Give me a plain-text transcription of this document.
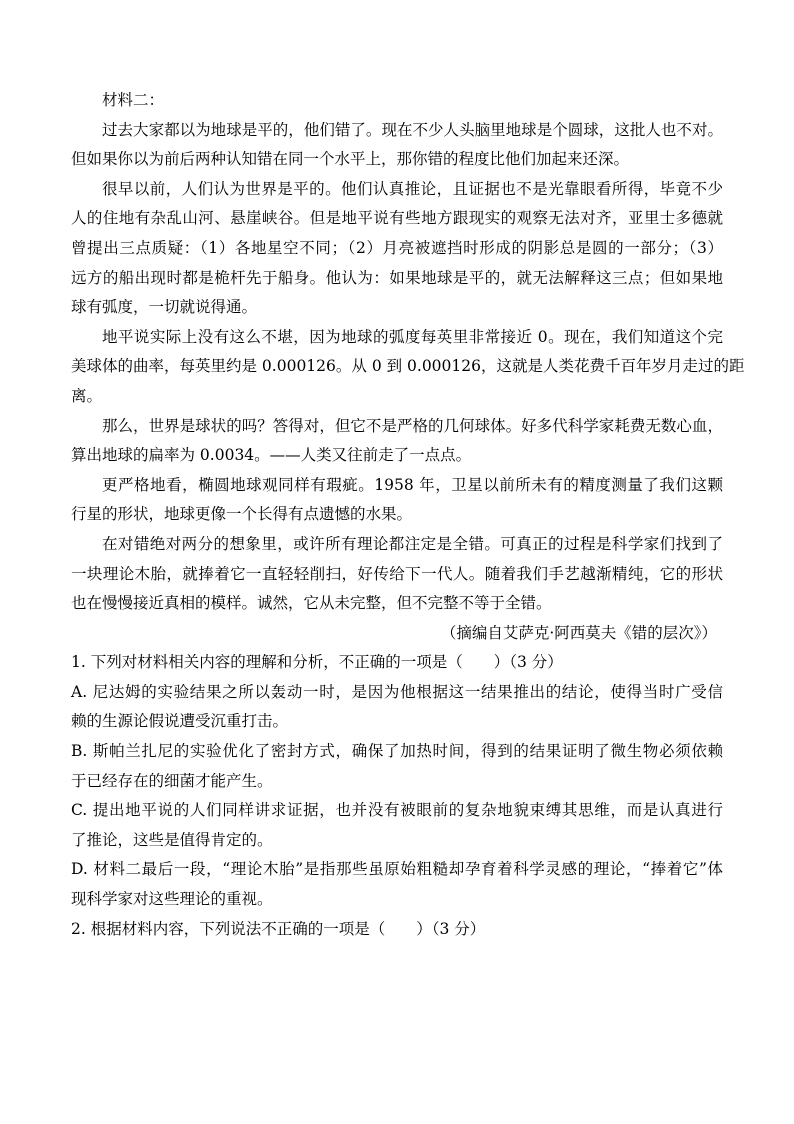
材料二：
过去大家都以为地球是平的，他们错了。现在不少人头脑里地球是个圆球，这批人也不对。
但如果你以为前后两种认知错在同一个水平上，那你错的程度比他们加起来还深。
很早以前，人们认为世界是平的。他们认真推论，且证据也不是光靠眼看所得，毕竟不少
人的住地有杂乱山河、悬崖峡谷。但是地平说有些地方跟现实的观察无法对齐，亚里士多德就
曾提出三点质疑：（1）各地星空不同；（2）月亮被遮挡时形成的阴影总是圆的一部分；（3）
远方的船出现时都是桅杆先于船身。他认为：如果地球是平的，就无法解释这三点；但如果地
球有弧度，一切就说得通。
地平说实际上没有这么不堪，因为地球的弧度每英里非常接近 0。现在，我们知道这个完
美球体的曲率，每英里约是 0.000126。从 0 到 0.000126，这就是人类花费千百年岁月走过的距
离。
那么，世界是球状的吗？答得对，但它不是严格的几何球体。好多代科学家耗费无数心血，
算出地球的扁率为 0.0034。——人类又往前走了一点点。
更严格地看，椭圆地球观同样有瑕疵。1958 年，卫星以前所未有的精度测量了我们这颗
行星的形状，地球更像一个长得有点遗憾的水果。
在对错绝对两分的想象里，或许所有理论都注定是全错。可真正的过程是科学家们找到了
一块理论木胎，就捧着它一直轻轻削扫，好传给下一代人。随着我们手艺越渐精纯，它的形状
也在慢慢接近真相的模样。诚然，它从未完整，但不完整不等于全错。
（摘编自艾萨克·阿西莫夫《错的层次》）
1. 下列对材料相关内容的理解和分析，不正确的一项是（　　）（3 分）
A. 尼达姆的实验结果之所以轰动一时，是因为他根据这一结果推出的结论，使得当时广受信
赖的生源论假说遭受沉重打击。
B. 斯帕兰扎尼的实验优化了密封方式，确保了加热时间，得到的结果证明了微生物必须依赖
于已经存在的细菌才能产生。
C. 提出地平说的人们同样讲求证据，也并没有被眼前的复杂地貌束缚其思维，而是认真进行
了推论，这些是值得肯定的。
D. 材料二最后一段，“理论木胎”是指那些虽原始粗糙却孕育着科学灵感的理论，“捧着它”体
现科学家对这些理论的重视。
2. 根据材料内容，下列说法不正确的一项是（　　）（3 分）
